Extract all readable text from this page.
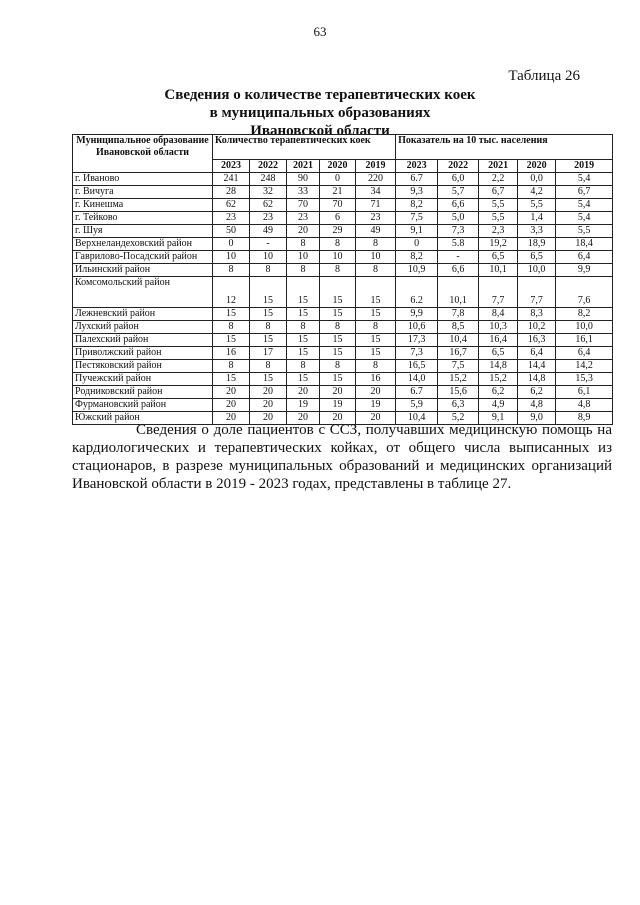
63
Таблица 26
Сведения о количестве терапевтических коек
в муниципальных образованиях
Ивановской области
Муниципальное образование Ивановской области	Количество терапевтических коек					Показатель на 10 тыс. населения				
	2023	2022	2021	2020	2019	2023	2022	2021	2020	2019
г. Иваново	241	248	90	0	220	6.7	6,0	2,2	0,0	5,4
г. Вичуга	28	32	33	21	34	9,3	5,7	6,7	4,2	6,7
г. Кинешма	62	62	70	70	71	8,2	6,6	5,5	5,5	5,4
г. Тейково	23	23	23	6	23	7,5	5,0	5,5	1,4	5,4
г. Шуя	50	49	20	29	49	9,1	7,3	2,3	3,3	5,5
Верхнеландеховский район	0	-	8	8	8	0	5.8	19,2	18,9	18,4
Гаврилово-Посадский район	10	10	10	10	10	8,2	-	6,5	6,5	6,4
Ильинский район	8	8	8	8	8	10,9	6,6	10,1	10,0	9,9
Комсомольский район	12	15	15	15	15	6.2	10,1	7,7	7,7	7,6
Лежневский район	15	15	15	15	15	9,9	7,8	8,4	8,3	8,2
Лухский район	8	8	8	8	8	10,6	8,5	10,3	10,2	10,0
Палехский район	15	15	15	15	15	17,3	10,4	16,4	16,3	16,1
Приволжский район	16	17	15	15	15	7,3	16,7	6,5	6,4	6,4
Пестяковский район	8	8	8	8	8	16,5	7,5	14,8	14,4	14,2
Пучежский район	15	15	15	15	16	14,0	15,2	15,2	14,8	15,3
Родниковский район	20	20	20	20	20	6.7	15,6	6,2	6,2	6,1
Фурмановский район	20	20	19	19	19	5,9	6,3	4,9	4,8	4,8
Южский район	20	20	20	20	20	10,4	5,2	9,1	9,0	8,9
Сведения о доле пациентов с ССЗ, получавших медицинскую помощь на кардиологических и терапевтических койках, от общего числа выписанных из стационаров, в разрезе муниципальных образований и медицинских организаций Ивановской области в 2019 - 2023 годах, представлены в таблице 27.
